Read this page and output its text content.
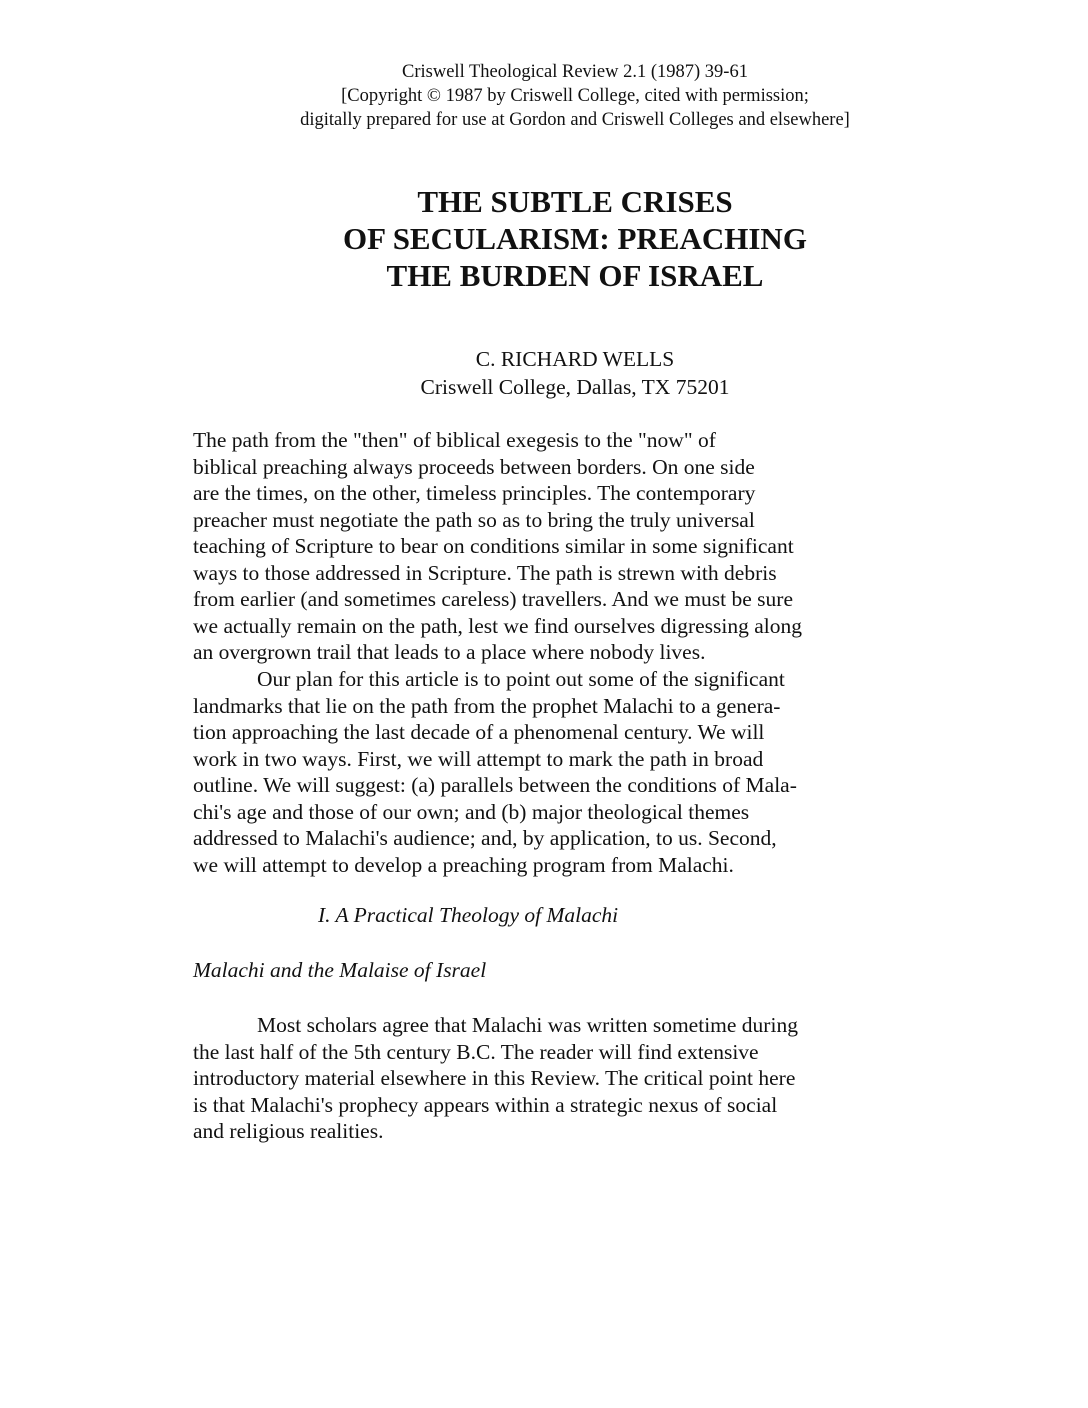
Criswell Theological Review 2.1 (1987) 39-61
[Copyright © 1987 by Criswell College, cited with permission;
digitally prepared for use at Gordon and Criswell Colleges and elsewhere]
THE SUBTLE CRISES
OF SECULARISM: PREACHING
THE BURDEN OF ISRAEL
C. RICHARD WELLS
Criswell College, Dallas, TX 75201
The path from the "then" of biblical exegesis to the "now" of
biblical preaching always proceeds between borders. On one side
are the times, on the other, timeless principles. The contemporary
preacher must negotiate the path so as to bring the truly universal
teaching of Scripture to bear on conditions similar in some significant
ways to those addressed in Scripture. The path is strewn with debris
from earlier (and sometimes careless) travellers. And we must be sure
we actually remain on the path, lest we find ourselves digressing along
an overgrown trail that leads to a place where nobody lives.
Our plan for this article is to point out some of the significant
landmarks that lie on the path from the prophet Malachi to a genera-
tion approaching the last decade of a phenomenal century. We will
work in two ways. First, we will attempt to mark the path in broad
outline. We will suggest: (a) parallels between the conditions of Mala-
chi's age and those of our own; and (b) major theological themes
addressed to Malachi's audience; and, by application, to us. Second,
we will attempt to develop a preaching program from Malachi.
I. A Practical Theology of Malachi
Malachi and the Malaise of Israel
Most scholars agree that Malachi was written sometime during
the last half of the 5th century B.C. The reader will find extensive
introductory material elsewhere in this Review. The critical point here
is that Malachi's prophecy appears within a strategic nexus of social
and religious realities.
